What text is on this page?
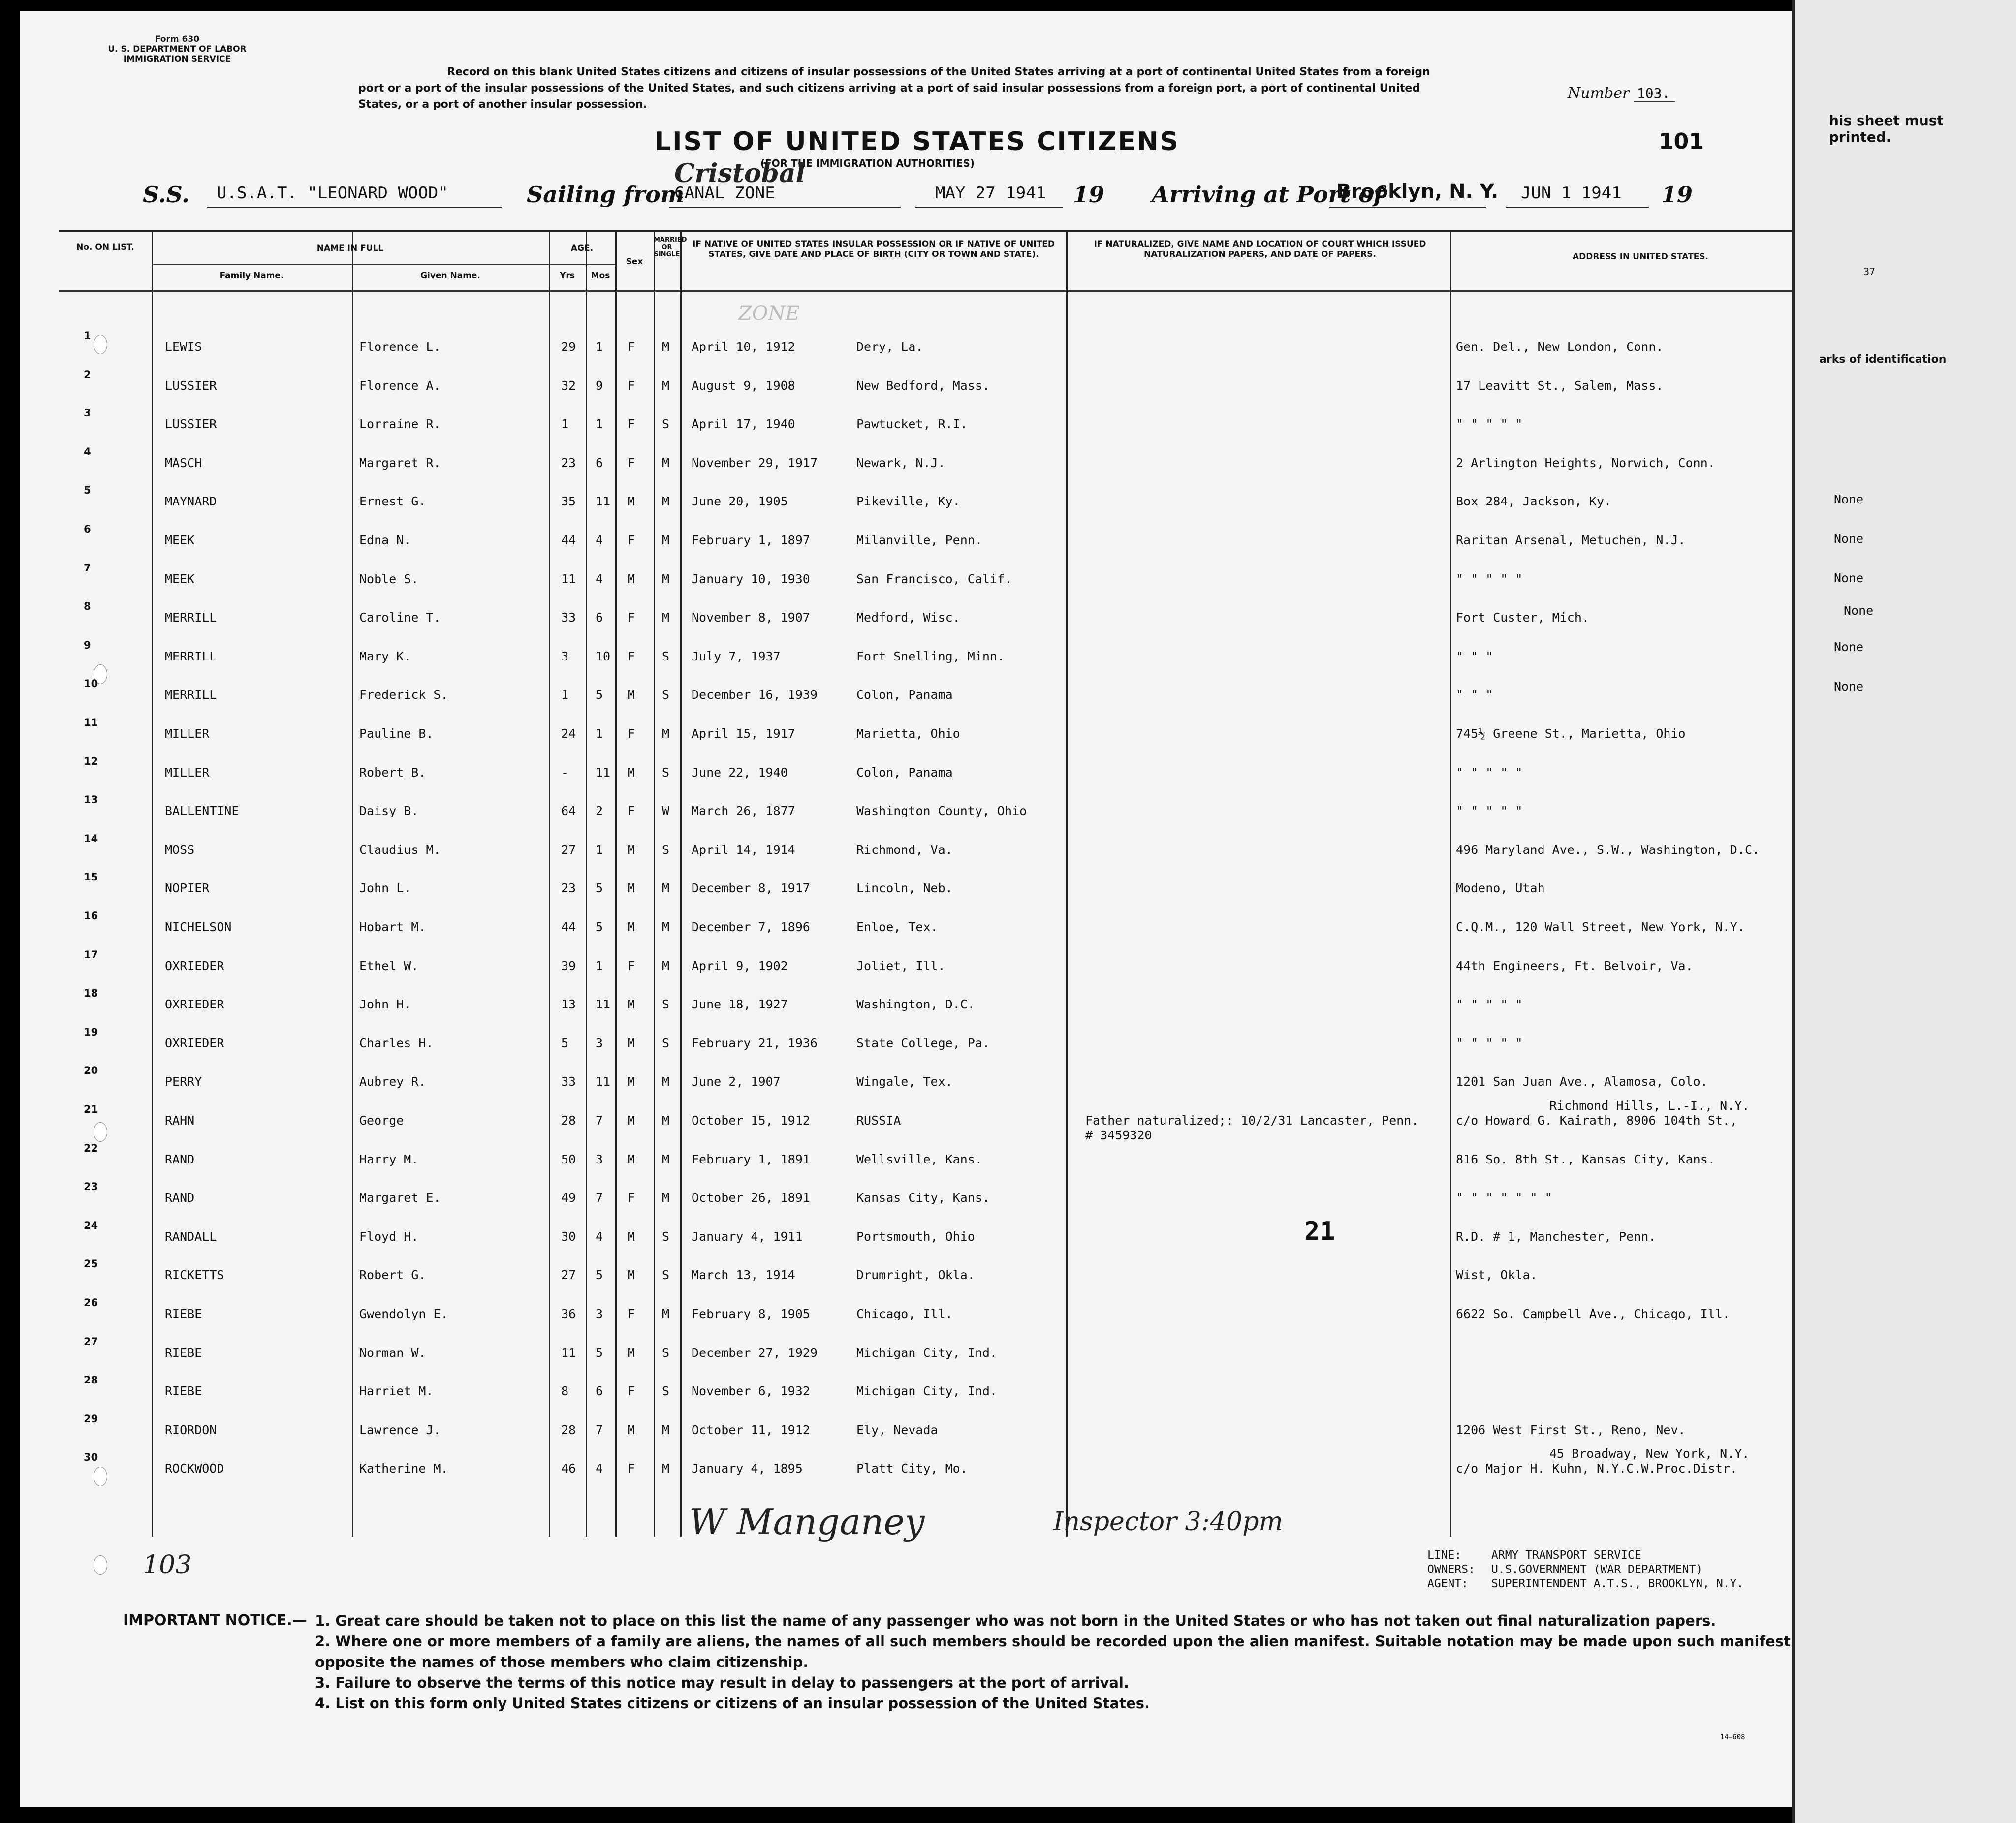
Form 630
U. S. DEPARTMENT OF LABOR
IMMIGRATION SERVICE
Record on this blank United States citizens and citizens of insular possessions of the United States arriving at a port of continental United States from a foreign port or a port of the insular possessions of the United States, and such citizens arriving at a port of said insular possessions from a foreign port, a port of continental United States, or a port of another insular possession.
Number 103.
LIST OF UNITED STATES CITIZENS
(FOR THE IMMIGRATION AUTHORITIES)
101
S.S. U.S.A.T. "LEONARD WOOD"	Sailing from
Cristobal
CANAL ZONE	MAY 27 1941 19 Arriving at Port of
Brooklyn, N. Y. JUN 1 1941 19
No. ON LIST.	NAME IN FULL
Family Name.	Given Name.
AGE.
Yrs	Mos
Sex
MARRIED OR SINGLE
IF NATIVE OF UNITED STATES INSULAR POSSESSION OR IF NATIVE OF UNITED STATES, GIVE DATE AND PLACE OF BIRTH (CITY OR TOWN AND STATE).
IF NATURALIZED, GIVE NAME AND LOCATION OF COURT WHICH ISSUED NATURALIZATION PAPERS, AND DATE OF PAPERS.	ADDRESS IN UNITED STATES.
1
LEWIS	Florence L.	29 1 F M April 10, 1912	Dery, La.	Gen. Del., New London, Conn.
2
LUSSIER	Florence A.	32 9 F M August 9, 1908	New Bedford, Mass.	17 Leavitt St., Salem, Mass.
3
LUSSIER	Lorraine R.	1 1 F S April 17, 1940	Pawtucket, R.I.	" " " " "
4
MASCH	Margaret R.	23 6 F M November 29, 1917	Newark, N.J.	2 Arlington Heights, Norwich, Conn.
5
MAYNARD	Ernest G.	35 11 M M June 20, 1905	Pikeville, Ky.	Box 284, Jackson, Ky.
6
MEEK	Edna N.	44 4 F M February 1, 1897	Milanville, Penn.	Raritan Arsenal, Metuchen, N.J.
7
MEEK	Noble S.	11 4 M M January 10, 1930	San Francisco, Calif.	" " " " "
8
MERRILL	Caroline T.	33 6 F M November 8, 1907	Medford, Wisc.	Fort Custer, Mich.
9
MERRILL	Mary K.	3 10 F S July 7, 1937	Fort Snelling, Minn.	" " "
10
MERRILL	Frederick S.	1 5 M S December 16, 1939	Colon, Panama	" " "
11
MILLER	Pauline B.	24 1 F M April 15, 1917	Marietta, Ohio	745½ Greene St., Marietta, Ohio
12
MILLER	Robert B.	- 11 M S June 22, 1940	Colon, Panama	" " " " "
13
BALLENTINE	Daisy B.	64 2 F W March 26, 1877	Washington County, Ohio	" " " " "
14
MOSS	Claudius M.	27 1 M S April 14, 1914	Richmond, Va.	496 Maryland Ave., S.W., Washington, D.C.
15
NOPIER	John L.	23 5 M M December 8, 1917	Lincoln, Neb.	Modeno, Utah
16
NICHELSON	Hobart M.	44 5 M M December 7, 1896	Enloe, Tex.	C.Q.M., 120 Wall Street, New York, N.Y.
17
OXRIEDER	Ethel W.	39 1 F M April 9, 1902	Joliet, Ill.	44th Engineers, Ft. Belvoir, Va.
18
OXRIEDER	John H.	13 11 M S June 18, 1927	Washington, D.C.	" " " " "
19
OXRIEDER	Charles H.	5 3 M S February 21, 1936	State College, Pa.	" " " " "
20
PERRY	Aubrey R.	33 11 M M June 2, 1907	Wingale, Tex.	1201 San Juan Ave., Alamosa, Colo.
21
RAHN	George	28 7 M M October 15, 1912	RUSSIA	Father naturalized;: 10/2/31 Lancaster, Penn.	c/o Howard G. Kairath, 8906 104th St.,
# 3459320
Richmond Hills, L.-I., N.Y.
22
RAND	Harry M.	50 3 M M February 1, 1891	Wellsville, Kans.	816 So. 8th St., Kansas City, Kans.
23
RAND	Margaret E.	49 7 F M October 26, 1891	Kansas City, Kans.	" " " " " " "
24
RANDALL	Floyd H.	30 4 M S January 4, 1911	Portsmouth, Ohio	R.D. # 1, Manchester, Penn.
25
RICKETTS	Robert G.	27 5 M S March 13, 1914	Drumright, Okla.	Wist, Okla.
26
RIEBE	Gwendolyn E.	36 3 F M February 8, 1905	Chicago, Ill.	6622 So. Campbell Ave., Chicago, Ill.
27
RIEBE	Norman W.	11 5 M S December 27, 1929	Michigan City, Ind.
28
RIEBE	Harriet M.	8 6 F S November 6, 1932	Michigan City, Ind.
29
RIORDON	Lawrence J.	28 7 M M October 11, 1912	Ely, Nevada	1206 West First St., Reno, Nev.
30
ROCKWOOD	Katherine M.	46 4 F M January 4, 1895	Platt City, Mo.	c/o Major H. Kuhn, N.Y.C.W.Proc.Distr.
45 Broadway, New York, N.Y.
ZONE
21
W Manganey	Inspector 3:40pm
103	LINE:	ARMY TRANSPORT SERVICE
OWNERS: U.S.GOVERNMENT (WAR DEPARTMENT)
AGENT: SUPERINTENDENT A.T.S., BROOKLYN, N.Y.
IMPORTANT NOTICE.— 1. Great care should be taken not to place on this list the name of any passenger who was not born in the United States or who has not taken out final naturalization papers.
2. Where one or more members of a family are aliens, the names of all such members should be recorded upon the alien manifest. Suitable notation may be made upon such manifest opposite the names of those members who claim citizenship.
3. Failure to observe the terms of this notice may result in delay to passengers at the port of arrival.
4. List on this form only United States citizens or citizens of an insular possession of the United States.
14–608
his sheet must
printed.
37
arks of identification
None
None
None
None
None
None
